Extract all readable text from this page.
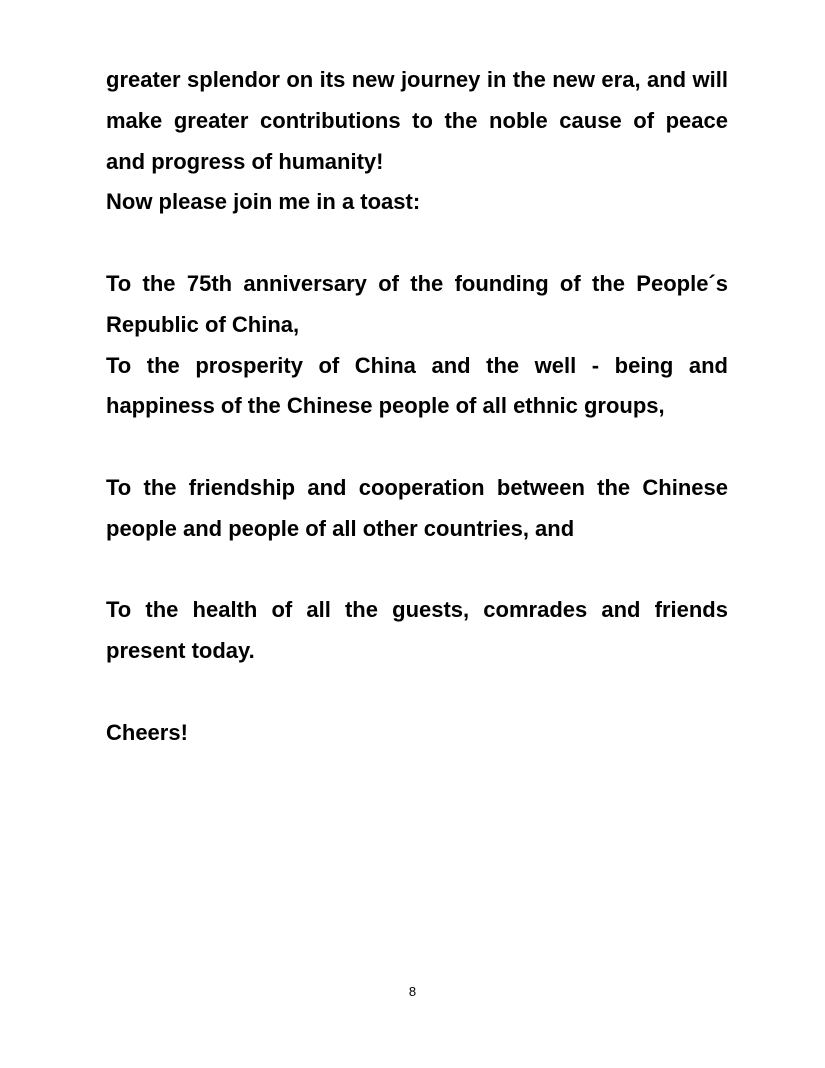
greater splendor on its new journey in the new era, and will make greater contributions to the noble cause of peace and progress of humanity!

Now please join me in a toast:

To the 75th anniversary of the founding of the People´s Republic of China,

To the prosperity of China and the well - being and happiness of the Chinese people of all ethnic groups,

To the friendship and cooperation between the Chinese people and people of all other countries, and

To the health of all the guests, comrades and friends present today.

Cheers!

8
